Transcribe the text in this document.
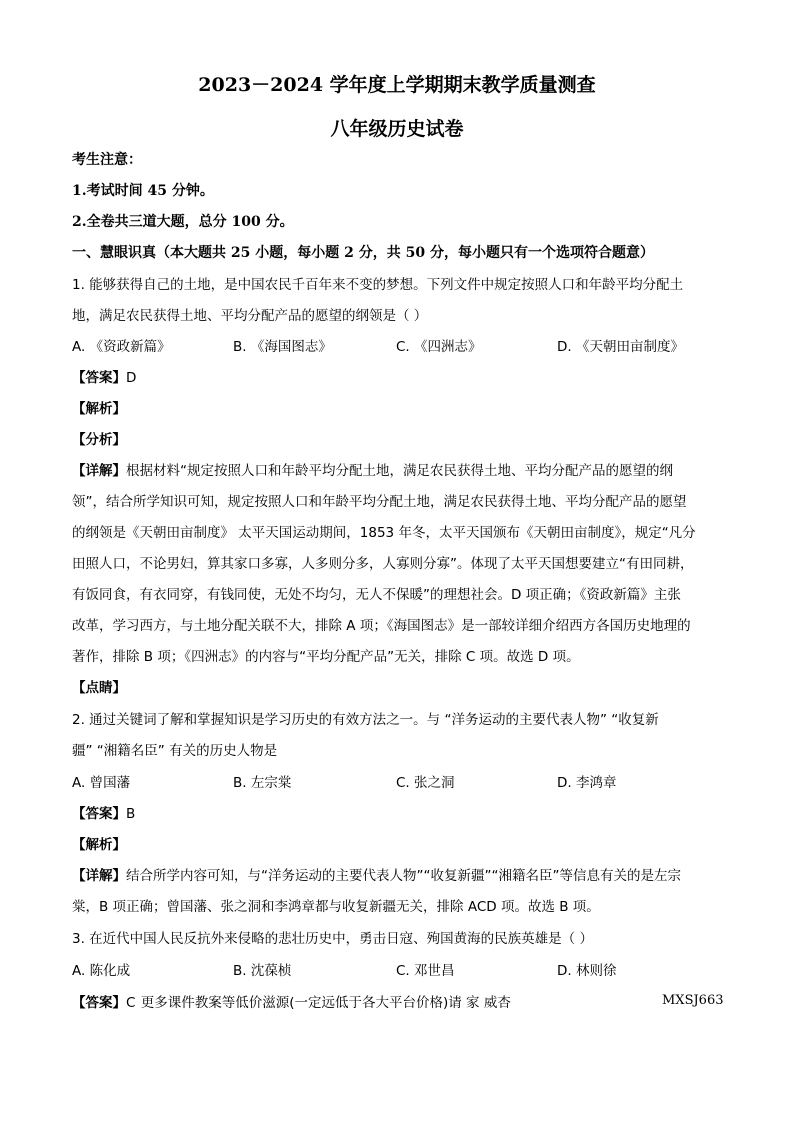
2023－2024 学年度上学期期末教学质量测查
八年级历史试卷
考生注意：
1.考试时间 45 分钟。
2.全卷共三道大题，总分 100 分。
一、慧眼识真（本大题共 25 小题，每小题 2 分，共 50 分，每小题只有一个选项符合题意）
1. 能够获得自己的土地，是中国农民千百年来不变的梦想。下列文件中规定按照人口和年龄平均分配土
地，满足农民获得土地、平均分配产品的愿望的纲领是（ ）
A. 《资政新篇》	B. 《海国图志》	C. 《四洲志》	D. 《天朝田亩制度》
【答案】D
【解析】
【分析】
【详解】根据材料“规定按照人口和年龄平均分配土地，满足农民获得土地、平均分配产品的愿望的纲
领”，结合所学知识可知，规定按照人口和年龄平均分配土地，满足农民获得土地、平均分配产品的愿望
的纲领是《天朝田亩制度》 太平天国运动期间，1853 年冬，太平天国颁布《天朝田亩制度》，规定“凡分
田照人口，不论男妇，算其家口多寡，人多则分多，人寡则分寡”。体现了太平天国想要建立“有田同耕，
有饭同食，有衣同穿，有钱同使，无处不均匀，无人不保暖”的理想社会。D 项正确；《资政新篇》主张
改革，学习西方，与土地分配关联不大，排除 A 项；《海国图志》是一部较详细介绍西方各国历史地理的
著作，排除 B 项；《四洲志》的内容与“平均分配产品”无关，排除 C 项。故选 D 项。
【点睛】
2. 通过关键词了解和掌握知识是学习历史的有效方法之一。与 “洋务运动的主要代表人物” “收复新
疆” “湘籍名臣” 有关的历史人物是
A. 曾国藩	B. 左宗棠	C. 张之洞	D. 李鸿章
【答案】B
【解析】
【详解】结合所学内容可知，与“洋务运动的主要代表人物”“收复新疆”“湘籍名臣”等信息有关的是左宗
棠，B 项正确；曾国藩、张之洞和李鸿章都与收复新疆无关，排除 ACD 项。故选 B 项。
3. 在近代中国人民反抗外来侵略的悲壮历史中，勇击日寇、殉国黄海的民族英雄是（ ）
A. 陈化成	B. 沈葆桢	C. 邓世昌	D. 林则徐
【答案】C 更多课件教案等低价滋源(一定远低于各大平台价格)请 家 威杏	MXSJ663
